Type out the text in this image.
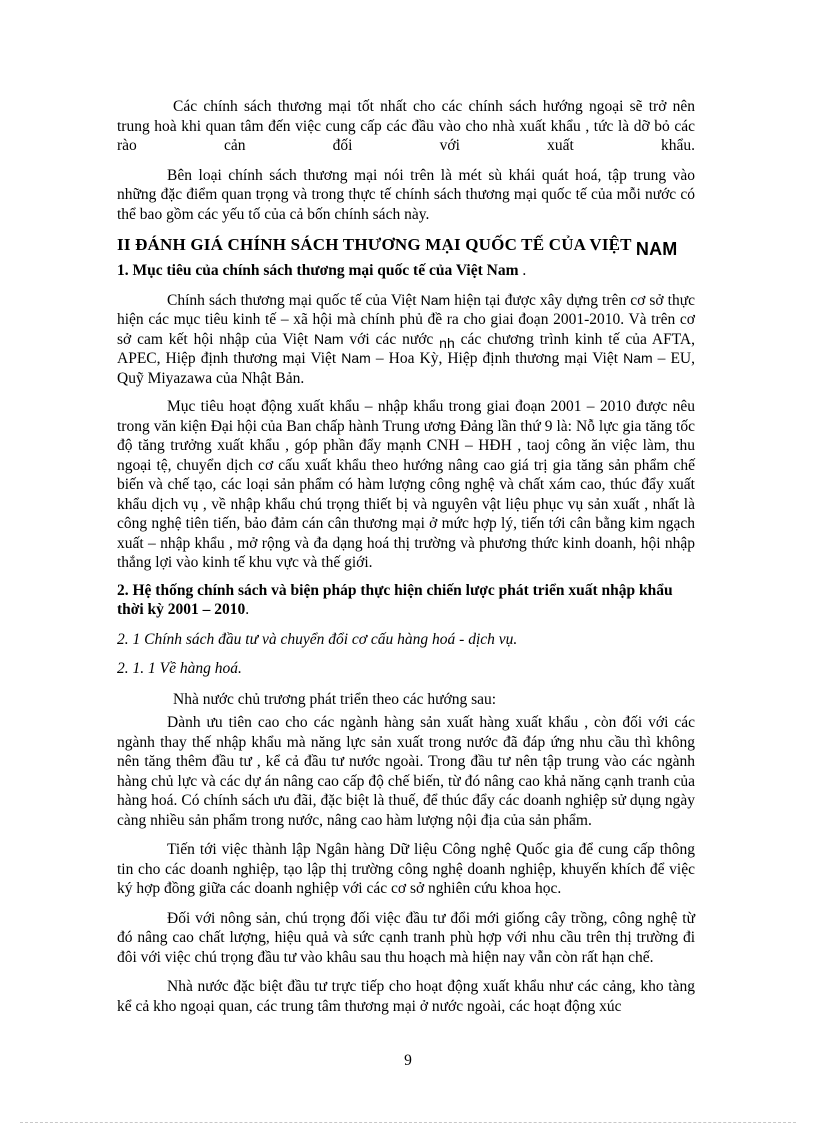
Các chính sách thương mại tốt nhất cho các chính sách hướng ngoại sẽ trở nên trung hoà khi quan tâm đến việc cung cấp các đầu vào cho nhà xuất khẩu , tức là dỡ bỏ các rào cản đối với xuất khẩu.

Bên loại chính sách thương mại nói trên là mét sù khái quát hoá, tập trung vào những đặc điểm quan trọng và trong thực tế chính sách thương mại quốc tế của mỗi nước có thể bao gồm các yếu tố của cả bốn chính sách này.

II ĐÁNH GIÁ CHÍNH SÁCH THƯƠNG MẠI QUỐC TẾ CỦA VIỆT NAM
1. Mục tiêu của chính sách thương mại quốc tế của Việt Nam .

Chính sách thương mại quốc tế của Việt Nam hiện tại được xây dựng trên cơ sở thực hiện các mục tiêu kinh tế – xã hội mà chính phủ đề ra cho giai đoạn 2001-2010. Và trên cơ sở cam kết hội nhập của Việt Nam với các nước nh các chương trình kinh tế của AFTA, APEC, Hiệp định thương mại Việt Nam – Hoa Kỳ, Hiệp định thương mại Việt Nam – EU, Quỹ Miyazawa của Nhật Bản.

Mục tiêu hoạt động xuất khẩu – nhập khẩu trong giai đoạn 2001 – 2010 được nêu trong văn kiện Đại hội của Ban chấp hành Trung ương Đảng lần thứ 9 là: Nỗ lực gia tăng tốc độ tăng trưởng xuất khẩu , góp phần đẩy mạnh CNH – HĐH , taoj công ăn việc làm, thu ngoại tệ, chuyển dịch cơ cấu xuất khẩu theo hướng nâng cao giá trị gia tăng sản phẩm chế biến và chế tạo, các loại sản phẩm có hàm lượng công nghệ và chất xám cao, thúc đẩy xuất khẩu dịch vụ , về nhập khẩu chú trọng thiết bị và nguyên vật liệu phục vụ sản xuất , nhất là công nghệ tiên tiến, bảo đảm cán cân thương mại ở mức hợp lý, tiến tới cân bằng kim ngạch xuất – nhập khẩu , mở rộng và đa dạng hoá thị trường và phương thức kinh doanh, hội nhập thắng lợi vào kinh tế khu vực và thế giới.

2. Hệ thống chính sách và biện pháp thực hiện chiến lược phát triển xuất nhập khẩu thời kỳ 2001 – 2010.

2. 1 Chính sách đầu tư và chuyển đổi cơ cấu hàng hoá - dịch vụ.

2. 1. 1 Về hàng hoá.

Nhà nước chủ trương phát triển theo các hướng sau:

Dành ưu tiên cao cho các ngành hàng sản xuất hàng xuất khẩu , còn đối với các ngành thay thế nhập khẩu mà năng lực sản xuất trong nước đã đáp ứng nhu cầu thì không nên tăng thêm đầu tư , kể cả đầu tư nước ngoài. Trong đầu tư nên tập trung vào các ngành hàng chủ lực và các dự án nâng cao cấp độ chế biến, từ đó nâng cao khả năng cạnh tranh của hàng hoá. Có chính sách ưu đãi, đặc biệt là thuế, để thúc đẩy các doanh nghiệp sử dụng ngày càng nhiều sản phẩm trong nước, nâng cao hàm lượng nội địa của sản phẩm.

Tiến tới việc thành lập Ngân hàng Dữ liệu Công nghệ Quốc gia để cung cấp thông tin cho các doanh nghiệp, tạo lập thị trường công nghệ doanh nghiệp, khuyến khích để việc ký hợp đồng giữa các doanh nghiệp với các cơ sở nghiên cứu khoa học.

Đối với nông sản, chú trọng đối việc đầu tư đổi mới giống cây trồng, công nghệ từ đó nâng cao chất lượng, hiệu quả và sức cạnh tranh phù hợp với nhu cầu trên thị trường đi đôi với việc chú trọng đầu tư vào khâu sau thu hoạch mà hiện nay vẫn còn rất hạn chế.

Nhà nước đặc biệt đầu tư trực tiếp cho hoạt động xuất khẩu như các cảng, kho tàng kể cả kho ngoại quan, các trung tâm thương mại ở nước ngoài, các hoạt động xúc

9
